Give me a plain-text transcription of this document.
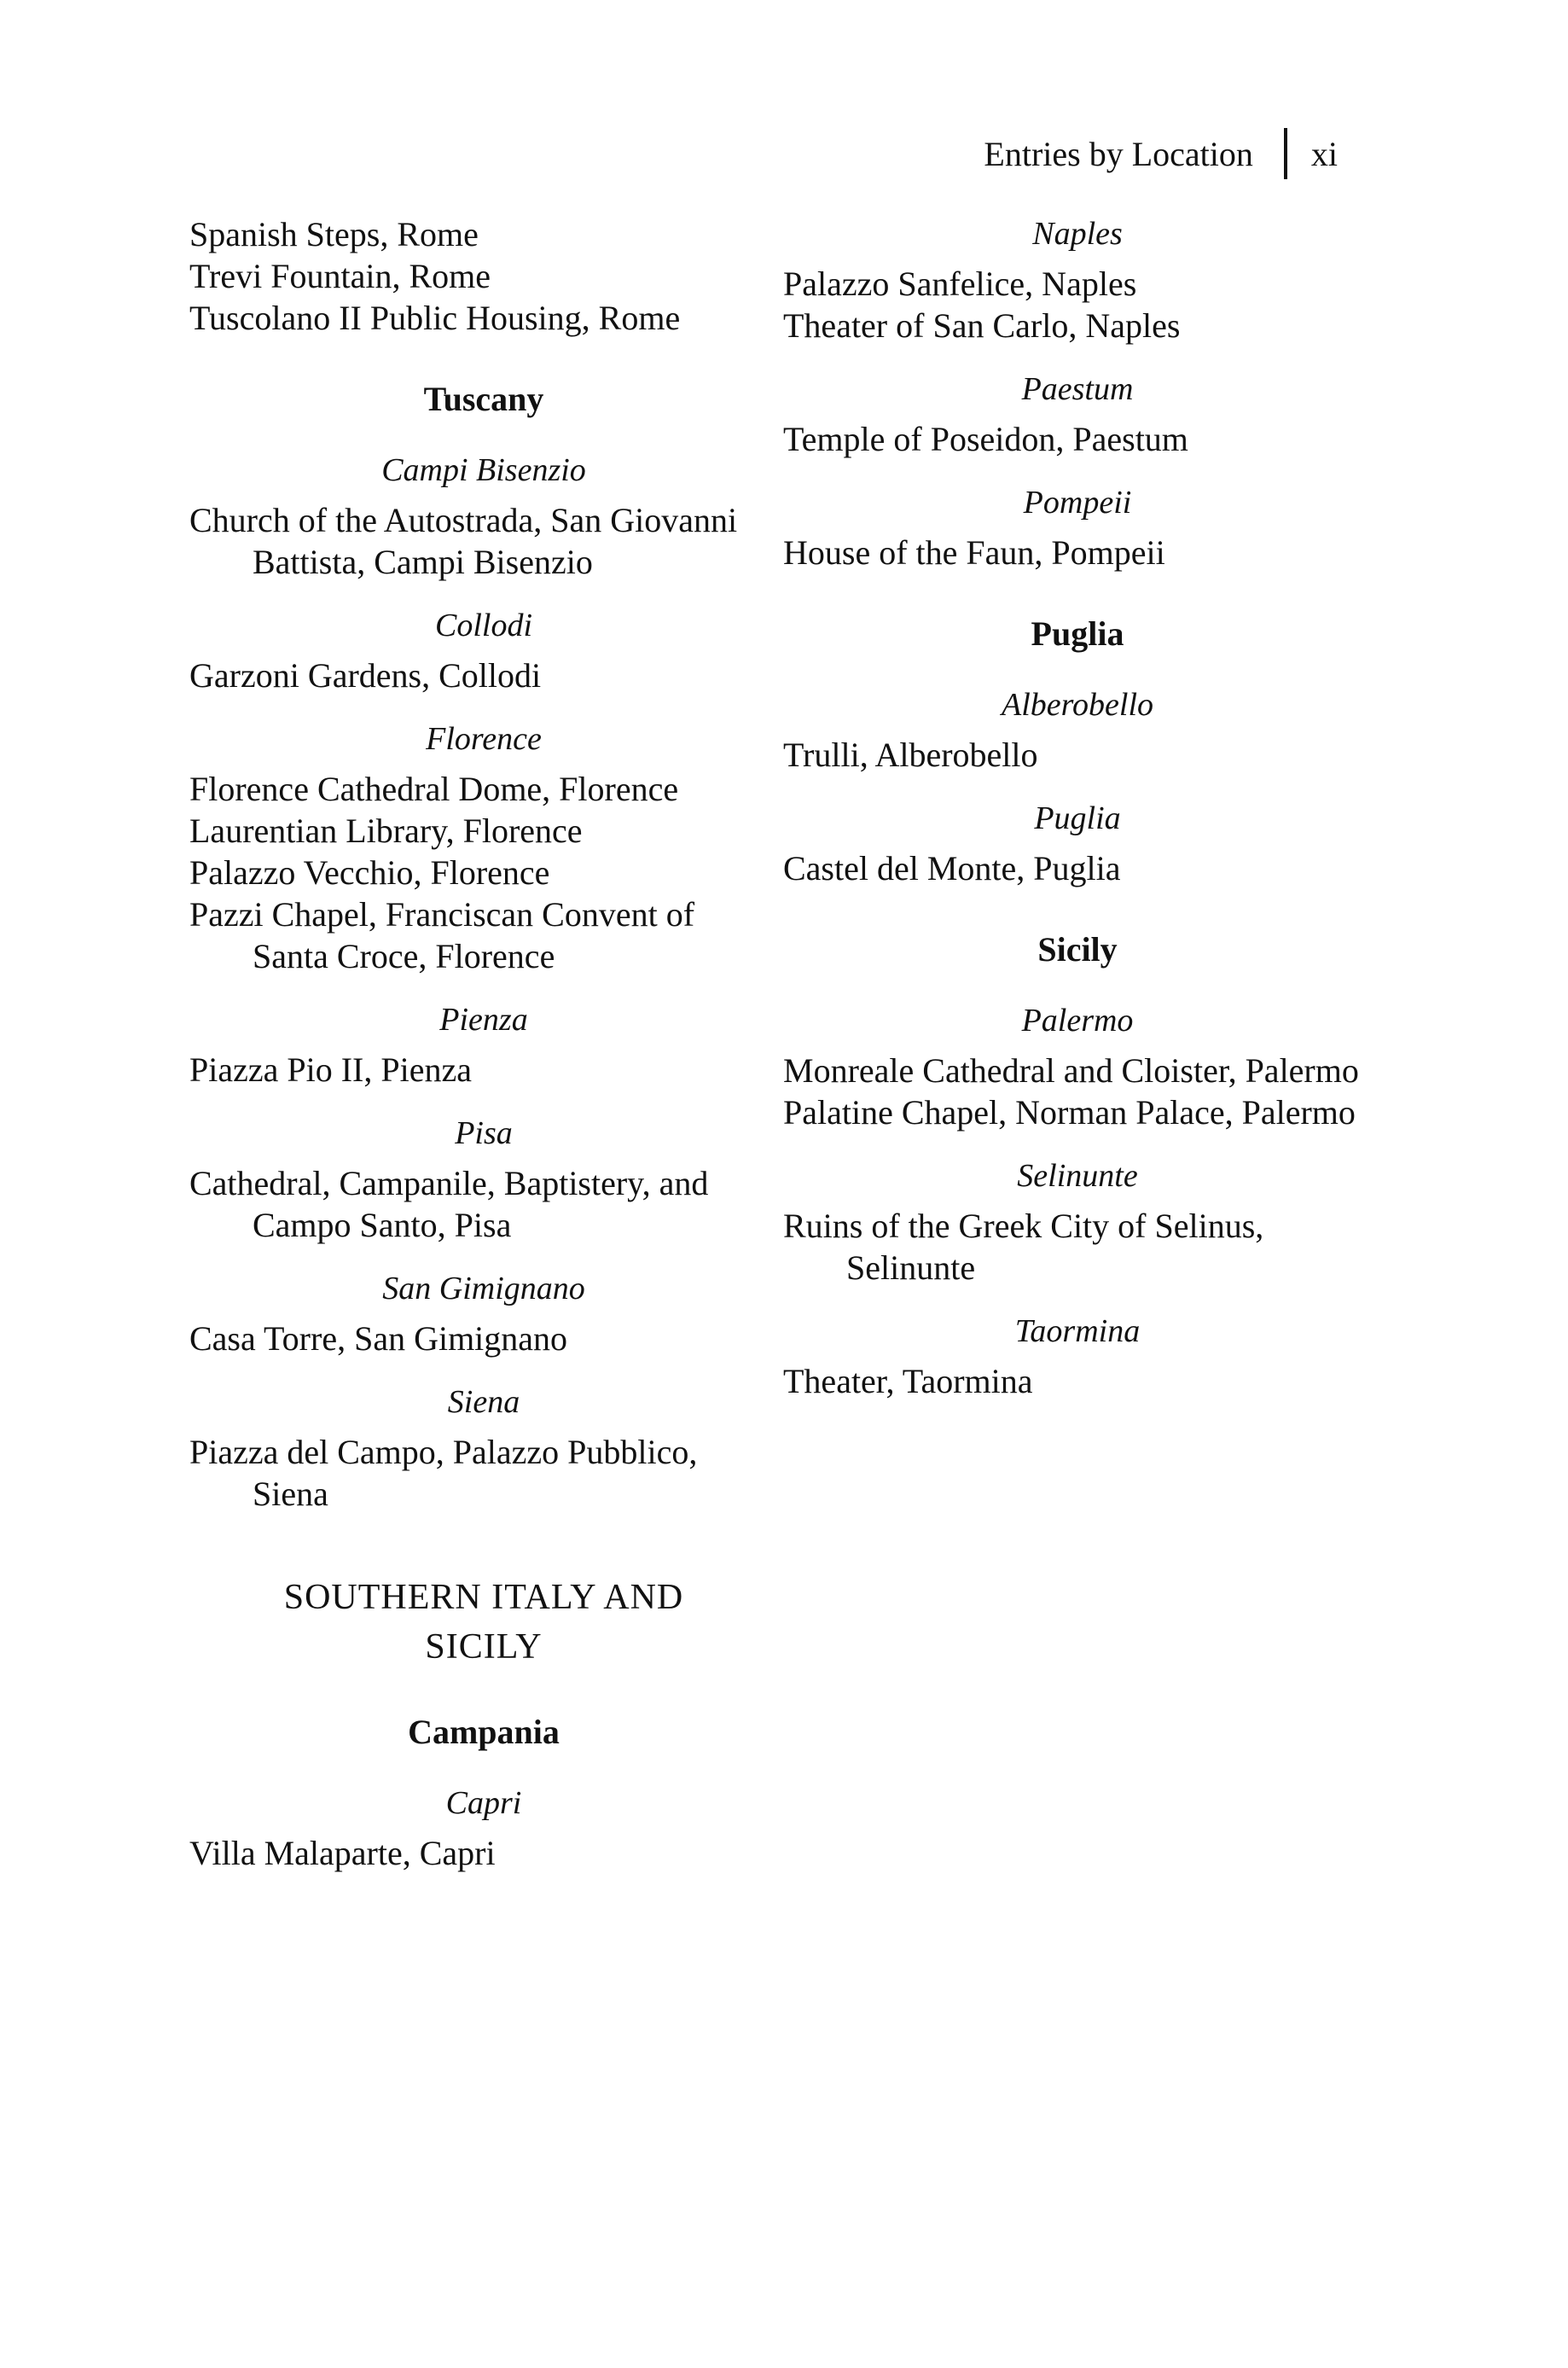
Entries by Location xi
Spanish Steps, Rome
Trevi Fountain, Rome
Tuscolano II Public Housing, Rome
Tuscany
Campi Bisenzio
Church of the Autostrada, San Giovanni Battista, Campi Bisenzio
Collodi
Garzoni Gardens, Collodi
Florence
Florence Cathedral Dome, Florence
Laurentian Library, Florence
Palazzo Vecchio, Florence
Pazzi Chapel, Franciscan Convent of Santa Croce, Florence
Pienza
Piazza Pio II, Pienza
Pisa
Cathedral, Campanile, Baptistery, and Campo Santo, Pisa
San Gimignano
Casa Torre, San Gimignano
Siena
Piazza del Campo, Palazzo Pubblico, Siena
SOUTHERN ITALY AND SICILY
Campania
Capri
Villa Malaparte, Capri
Naples
Palazzo Sanfelice, Naples
Theater of San Carlo, Naples
Paestum
Temple of Poseidon, Paestum
Pompeii
House of the Faun, Pompeii
Puglia
Alberobello
Trulli, Alberobello
Puglia
Castel del Monte, Puglia
Sicily
Palermo
Monreale Cathedral and Cloister, Palermo
Palatine Chapel, Norman Palace, Palermo
Selinunte
Ruins of the Greek City of Selinus, Selinunte
Taormina
Theater, Taormina
